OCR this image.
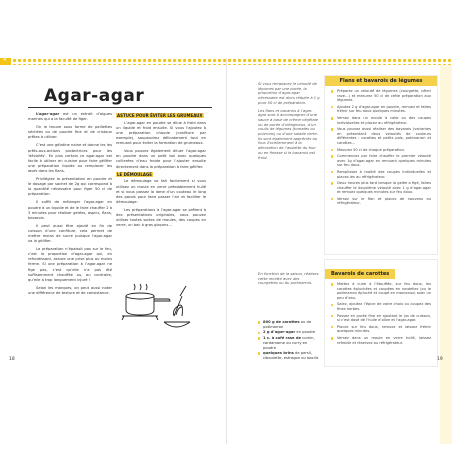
4
Agar-agar

L’agar-agar est un extrait d’algues marines qui a la faculté de figer.

On le trouve sous forme de paillettes séchées ou de poudre fine et de cristaux prêtes à utiliser.

C’est une gélatine naine et donne les les prêts-aux-actions protectrices pour les 'dévoilés'. En plus certain ce agar-agar est facile à utiliser en cuisine pour faire gélifier une préparation liquide ou remplacer les œufs dans les flans.

Privilégiez la présentation en poudre et le dosage par sachet de 2g qui correspond à la quantité nécessaire pour figer 50 cl de préparation.

Il suffit de mélanger l’agar-agar en poudre à un liquide et de le faire chauffer 2 à 3 minutes pour réaliser gelées, aspics, flans, bavarois.

Il peut aussi être ajouté en fin de cuisson d’une confiture, cela permet de mettre moins de sucre puisque l’agar-agar va la gélifier.

La préparation n’épaissit pas sur le feu, c’est la proportion d’agar-agar qui, en refroidissant, assure une prise plus ou moins ferme. Si une préparation à l’agar-agar ne fige pas, c’est qu’elle n’a pas été suffisamment chauffée ou, au contraire, qu’elle a trop longuement injuré !

Selon les marques, on peut aussi noter une différence de texture et de consistance.

ASTUCE POUR ÉVITER LES GRUMEAUX

L’agar-agar en poudre se dilue à froid dans un liquide et froid ensuite. Si vous l’ajoutez à une préparation chaude (confiture par exemple), saupoudrez délicatement tout en remuant pour éviter la formation de grumeaux.

Vous pouvez également diluer l’agar-agar en poudre dans un petit bol avec quelques cuillerées d’eau froide pour l’ajouter ensuite directement dans la préparation à faire gélifier.

LE DÉMOULAGE

Le démoulage se fait facilement si vous utilisez un moule en verre préalablement huilé et si vous passez la lame d’un couteau le long des parois pour faire passer l’air et faciliter le démoulage.

Les préparations à l’agar-agar se prêtent à des présentations originales, vous pouvez utiliser toutes sortes de moules, des coupes en verre, un bac à gros glaçons…

18

Si vous remplacez le velouté de légumes par une purée, la proportion d’agar-agar nécessaire est alors réduite à 1 g pour 50 cl de préparation.

Les flans et bavarois à l’agar-agar sont à accompagner d’une sauce à base de crème végétale ou de purée d’oléagineux, d’un coulis de légumes (tomates ou poivrons) ou d’une salade verte. Ils sont également appréciés au four. Excellemment à la décoration de l’assiette du four ou en finesse si le bavarois est froid.

Flans et bavarois de légumes
Préparez un velouté de légumes (courgette, céleri rave…) et mesurez 50 cl de cette préparation aux légumes.
Ajoutez 2 g d’agar-agar en poudre, remuez et faites frémir sur feu doux quelques minutes.
Versez dans un moule à cake ou des coupes individuelles et placez au réfrigérateur.
Vous pouvez aussi réaliser des bavarois (variantes en présentant deux veloutés de couleurs différentes : carottes et petits pois, potimarron et carottes…
Mesurez 50 cl de chaque préparation.
Commencez par faire chauffer le premier velouté avec 1g d’agar-agar en remuant quelques minutes sur feu doux.
Remplissez à moitié des coupes individuelles et placez-les au réfrigérateur.
Deux heures plus tard lorsque la gelée a figé, faites chauffer le deuxième velouté avec 1 g d’agar-agar et remuez quelques minutes sur feu doux.
Versez sur le flan et placez de nouveau au réfrigérateur.
En fonction de la saison, réalisez cette recette avec des courgettes ou du potimarron.
800 g de carottes ou de potimarron
2 g d’agar-agar en poudre
1 c. à café rase de cumin, cardamome ou curry en poudre
quelques brins de persil, ciboulette, estragon ou basilic
Bavarois de carottes
Mettez à cuire à l’étouffée, sur feu doux, les carottes épluchées et coupées en rondelles (ou le potimarron épluché et coupé en morceaux) avec un peu d’eau.
Salez, ajoutez l’épice de votre choix ou coupez des fines herbes.
Passez en purée fine en ajoutant le jus de cuisson, si c’est dosé de l’huile d’olive et l’agar-agar.
Placez sur feu doux, remuez et laissez frémir quelques minutes.
Versez dans un moule en verre huilé, laissez refroidir et réservez au réfrigérateur.
19
